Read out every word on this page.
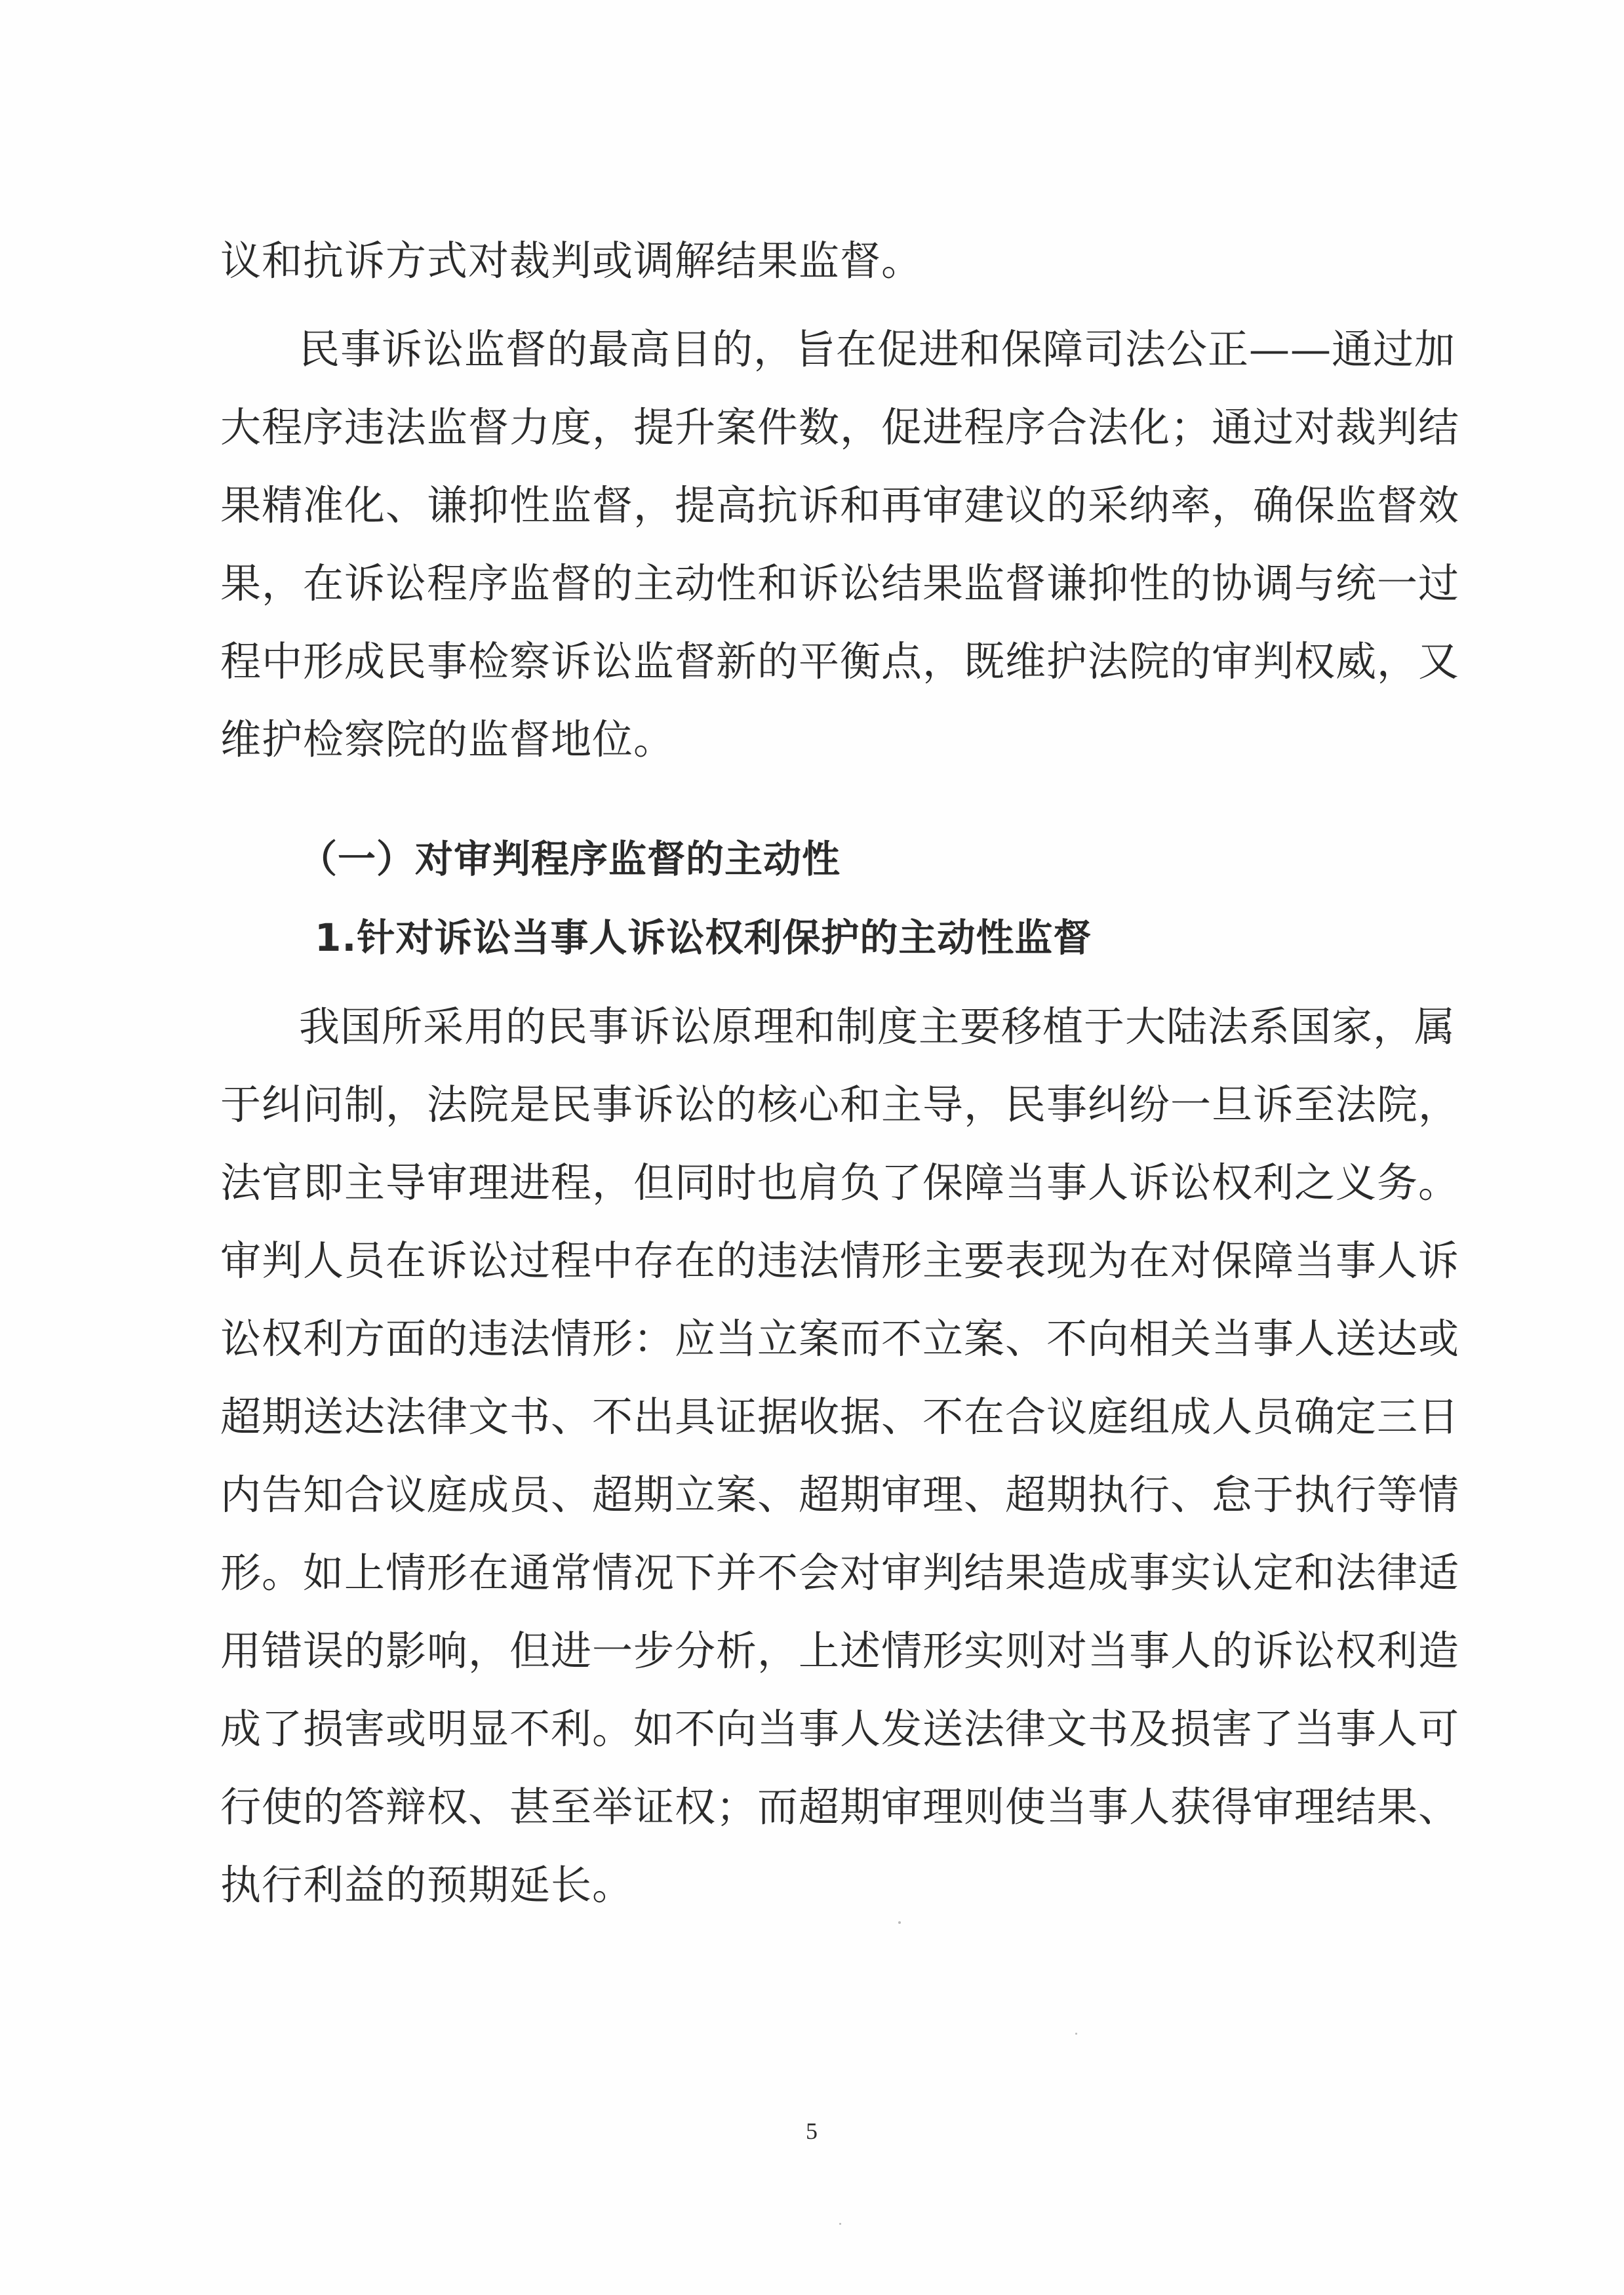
议和抗诉方式对裁判或调解结果监督。
民事诉讼监督的最高目的，旨在促进和保障司法公正——通过加
大程序违法监督力度，提升案件数，促进程序合法化；通过对裁判结
果精准化、谦抑性监督，提高抗诉和再审建议的采纳率，确保监督效
果，在诉讼程序监督的主动性和诉讼结果监督谦抑性的协调与统一过
程中形成民事检察诉讼监督新的平衡点，既维护法院的审判权威，又
维护检察院的监督地位。
（一）对审判程序监督的主动性
1.针对诉讼当事人诉讼权利保护的主动性监督
我国所采用的民事诉讼原理和制度主要移植于大陆法系国家，属
于纠问制，法院是民事诉讼的核心和主导，民事纠纷一旦诉至法院，
法官即主导审理进程，但同时也肩负了保障当事人诉讼权利之义务。
审判人员在诉讼过程中存在的违法情形主要表现为在对保障当事人诉
讼权利方面的违法情形：应当立案而不立案、不向相关当事人送达或
超期送达法律文书、不出具证据收据、不在合议庭组成人员确定三日
内告知合议庭成员、超期立案、超期审理、超期执行、怠于执行等情
形。如上情形在通常情况下并不会对审判结果造成事实认定和法律适
用错误的影响，但进一步分析，上述情形实则对当事人的诉讼权利造
成了损害或明显不利。如不向当事人发送法律文书及损害了当事人可
行使的答辩权、甚至举证权；而超期审理则使当事人获得审理结果、
执行利益的预期延长。
5
